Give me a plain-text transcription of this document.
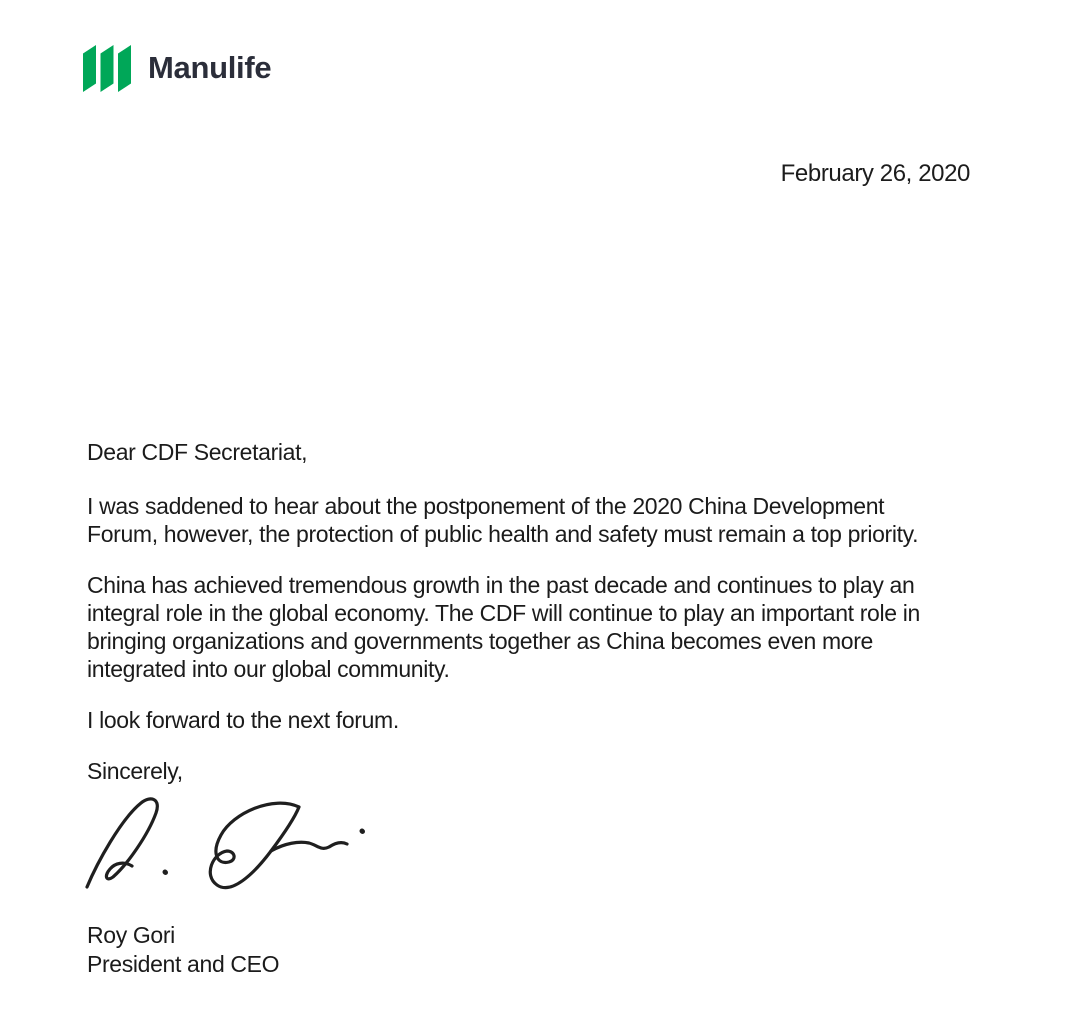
Manulife
February 26, 2020

Dear CDF Secretariat,

I was saddened to hear about the postponement of the 2020 China Development
Forum, however, the protection of public health and safety must remain a top priority.

China has achieved tremendous growth in the past decade and continues to play an
integral role in the global economy. The CDF will continue to play an important role in
bringing organizations and governments together as China becomes even more
integrated into our global community.

I look forward to the next forum.

Sincerely,

Roy Gori
President and CEO
